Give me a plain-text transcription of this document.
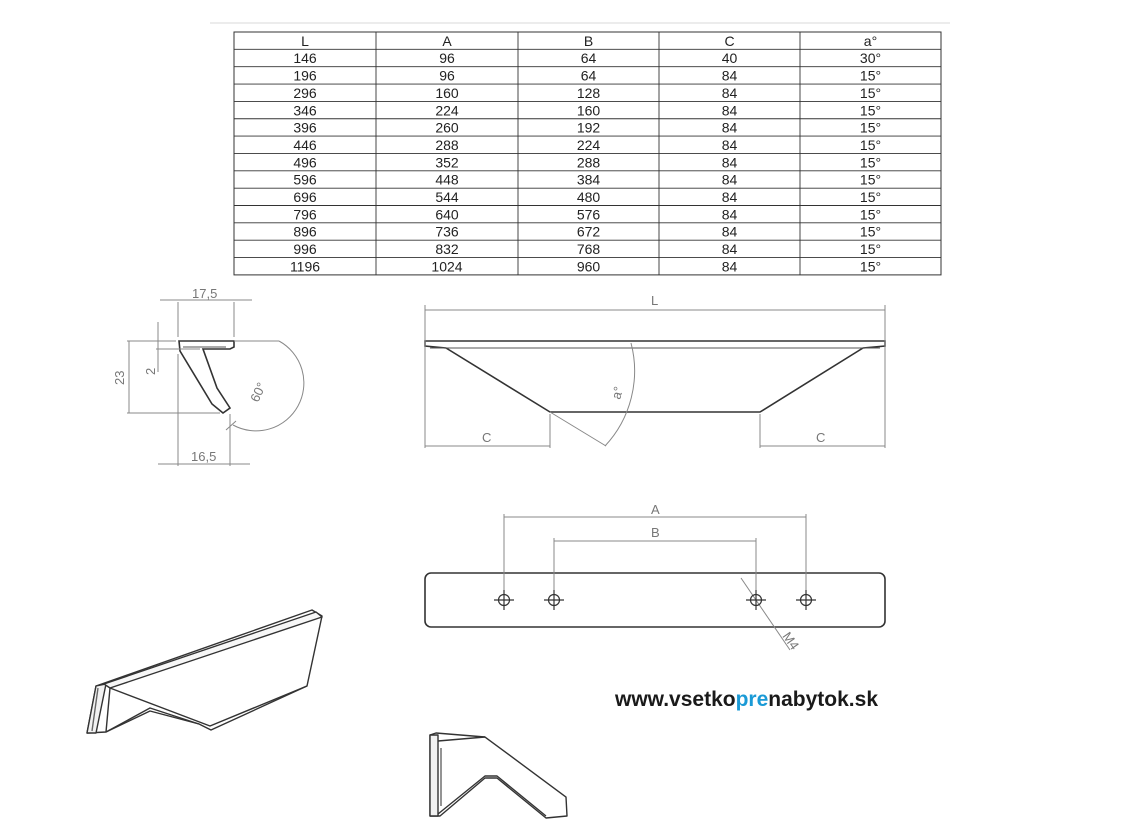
L	A	B	C	a°
146	96	64	40	30°
196	96	64	84	15°
296	160	128	84	15°
346	224	160	84	15°
396	260	192	84	15°
446	288	224	84	15°
496	352	288	84	15°
596	448	384	84	15°
696	544	480	84	15°
796	640	576	84	15°
896	736	672	84	15°
996	832	768	84	15°
1196	1024	960	84	15°
17,5
16,5
23 2
60°
L
C	C
a°
A
B
M4
www.vsetkoprenabytok.sk
